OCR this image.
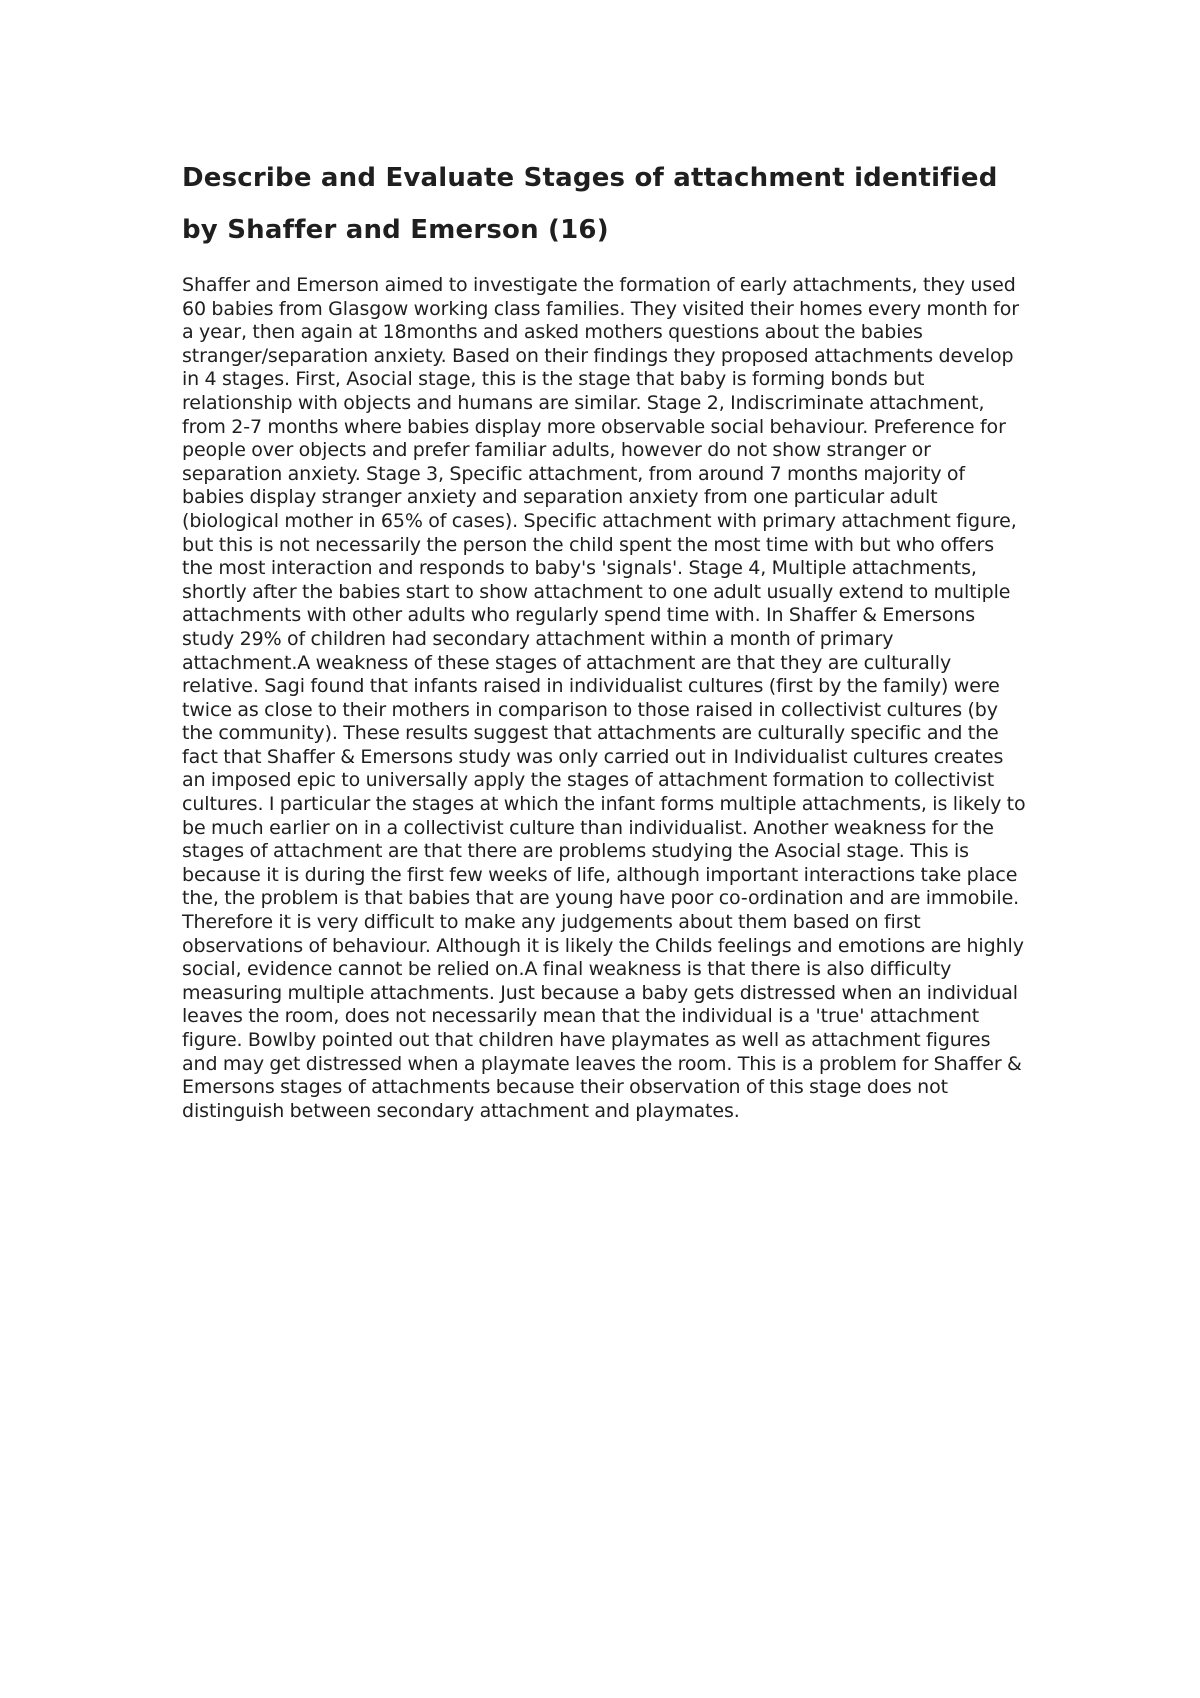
Describe and Evaluate Stages of attachment identified by Shaffer and Emerson (16)

Shaffer and Emerson aimed to investigate the formation of early attachments, they used 60 babies from Glasgow working class families. They visited their homes every month for a year, then again at 18months and asked mothers questions about the babies stranger/separation anxiety. Based on their findings they proposed attachments develop in 4 stages. First, Asocial stage, this is the stage that baby is forming bonds but relationship with objects and humans are similar. Stage 2, Indiscriminate attachment, from 2-7 months where babies display more observable social behaviour. Preference for people over objects and prefer familiar adults, however do not show stranger or separation anxiety. Stage 3, Specific attachment, from around 7 months majority of babies display stranger anxiety and separation anxiety from one particular adult (biological mother in 65% of cases). Specific attachment with primary attachment figure, but this is not necessarily the person the child spent the most time with but who offers the most interaction and responds to baby's 'signals'. Stage 4, Multiple attachments, shortly after the babies start to show attachment to one adult usually extend to multiple attachments with other adults who regularly spend time with. In Shaffer & Emersons study 29% of children had secondary attachment within a month of primary attachment.A weakness of these stages of attachment are that they are culturally relative. Sagi found that infants raised in individualist cultures (first by the family) were twice as close to their mothers in comparison to those raised in collectivist cultures (by the community). These results suggest that attachments are culturally specific and the fact that Shaffer & Emersons study was only carried out in Individualist cultures creates an imposed epic to universally apply the stages of attachment formation to collectivist cultures. I particular the stages at which the infant forms multiple attachments, is likely to be much earlier on in a collectivist culture than individualist. Another weakness for the stages of attachment are that there are problems studying the Asocial stage. This is because it is during the first few weeks of life, although important interactions take place the, the problem is that babies that are young have poor co-ordination and are immobile. Therefore it is very difficult to make any judgements about them based on first observations of behaviour. Although it is likely the Childs feelings and emotions are highly social, evidence cannot be relied on.A final weakness is that there is also difficulty measuring multiple attachments. Just because a baby gets distressed when an individual leaves the room, does not necessarily mean that the individual is a 'true' attachment figure. Bowlby pointed out that children have playmates as well as attachment figures and may get distressed when a playmate leaves the room. This is a problem for Shaffer & Emersons stages of attachments because their observation of this stage does not distinguish between secondary attachment and playmates.
